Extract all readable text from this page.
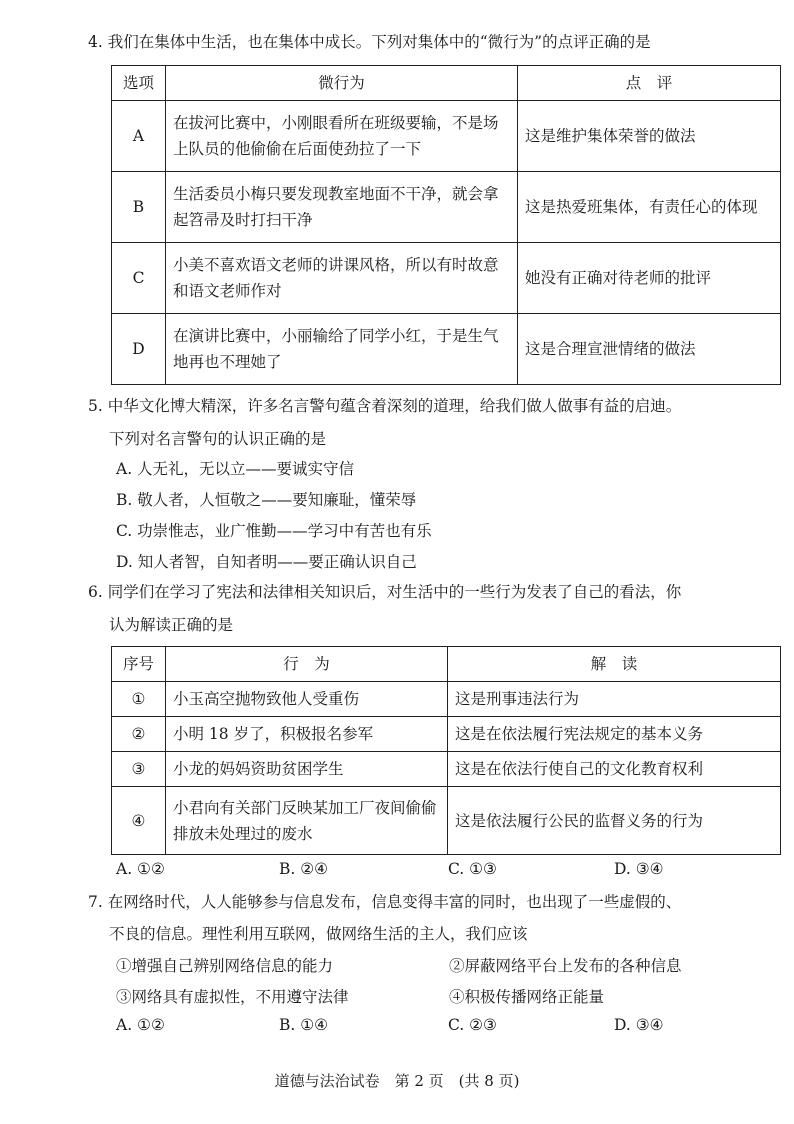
4. 我们在集体中生活，也在集体中成长。下列对集体中的“微行为”的点评正确的是
选项	微行为	点　评
A	在拔河比赛中，小刚眼看所在班级要输，不是场上队员的他偷偷在后面使劲拉了一下	这是维护集体荣誉的做法
B	生活委员小梅只要发现教室地面不干净，就会拿起笤帚及时打扫干净	这是热爱班集体，有责任心的体现
C	小美不喜欢语文老师的讲课风格，所以有时故意和语文老师作对	她没有正确对待老师的批评
D	在演讲比赛中，小丽输给了同学小红，于是生气地再也不理她了	这是合理宣泄情绪的做法
5. 中华文化博大精深，许多名言警句蕴含着深刻的道理，给我们做人做事有益的启迪。
下列对名言警句的认识正确的是
A. 人无礼，无以立——要诚实守信
B. 敬人者，人恒敬之——要知廉耻，懂荣辱
C. 功崇惟志，业广惟勤——学习中有苦也有乐
D. 知人者智，自知者明——要正确认识自己
6. 同学们在学习了宪法和法律相关知识后，对生活中的一些行为发表了自己的看法，你
认为解读正确的是
序号	行　为	解　读
①	小玉高空抛物致他人受重伤	这是刑事违法行为
②	小明 18 岁了，积极报名参军	这是在依法履行宪法规定的基本义务
③	小龙的妈妈资助贫困学生	这是在依法行使自己的文化教育权利
④	小君向有关部门反映某加工厂夜间偷偷排放未处理过的废水	这是依法履行公民的监督义务的行为
A. ①②	B. ②④	C. ①③	D. ③④
7. 在网络时代，人人能够参与信息发布，信息变得丰富的同时，也出现了一些虚假的、
不良的信息。理性利用互联网，做网络生活的主人，我们应该
①增强自己辨别网络信息的能力	②屏蔽网络平台上发布的各种信息
③网络具有虚拟性，不用遵守法律	④积极传播网络正能量
A. ①②	B. ①④	C. ②③	D. ③④
道德与法治试卷　第 2 页　(共 8 页)
